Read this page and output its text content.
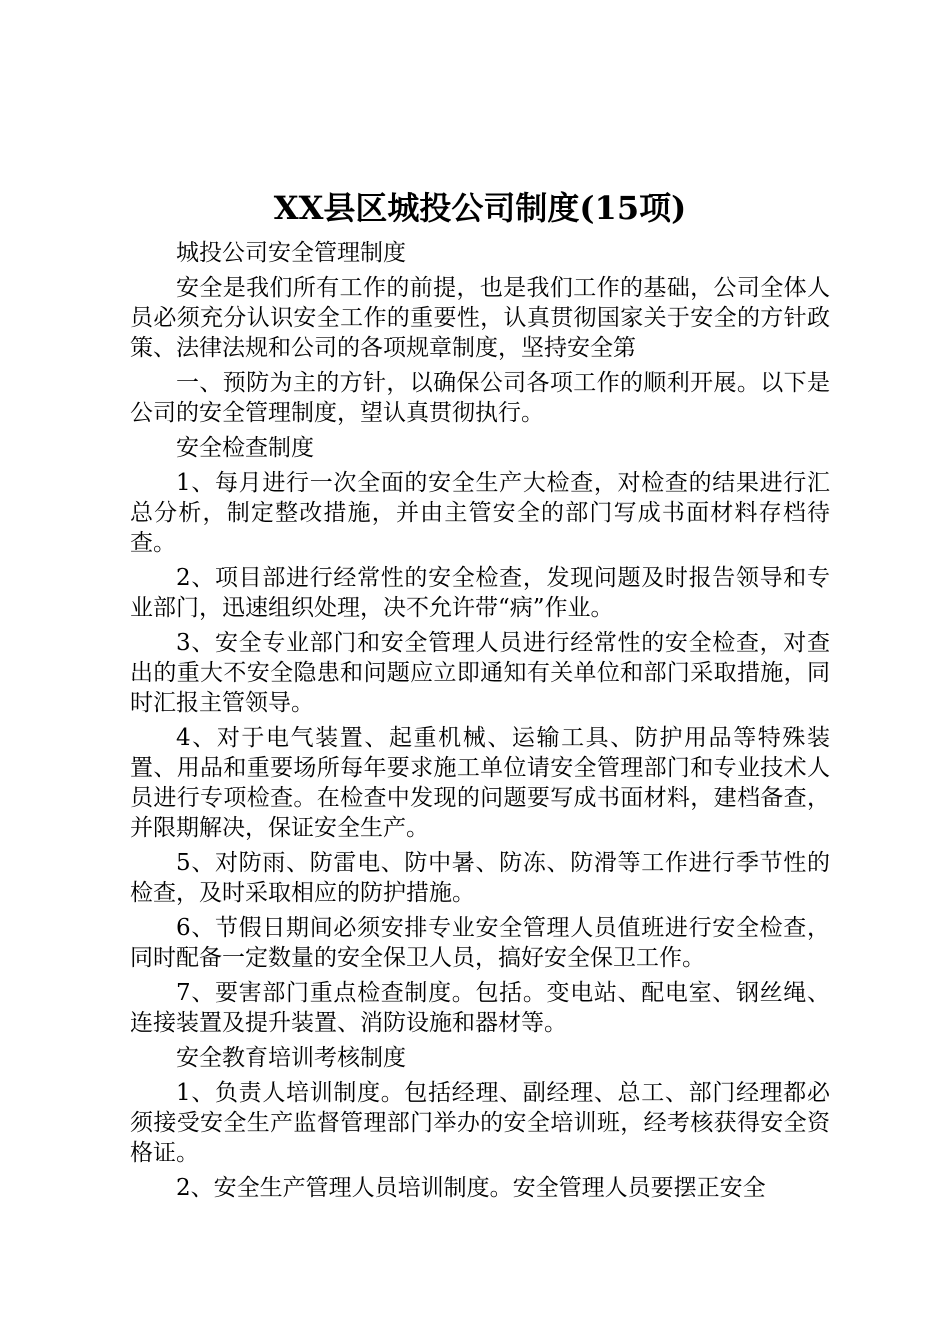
XX县区城投公司制度(15项)

城投公司安全管理制度

安全是我们所有工作的前提，也是我们工作的基础，公司全体人员必须充分认识安全工作的重要性，认真贯彻国家关于安全的方针政策、法律法规和公司的各项规章制度，坚持安全第

一、预防为主的方针，以确保公司各项工作的顺利开展。以下是公司的安全管理制度，望认真贯彻执行。

安全检查制度

1、每月进行一次全面的安全生产大检查，对检查的结果进行汇总分析，制定整改措施，并由主管安全的部门写成书面材料存档待查。

2、项目部进行经常性的安全检查，发现问题及时报告领导和专业部门，迅速组织处理，决不允许带“病”作业。

3、安全专业部门和安全管理人员进行经常性的安全检查，对查出的重大不安全隐患和问题应立即通知有关单位和部门采取措施，同时汇报主管领导。

4、对于电气装置、起重机械、运输工具、防护用品等特殊装置、用品和重要场所每年要求施工单位请安全管理部门和专业技术人员进行专项检查。在检查中发现的问题要写成书面材料，建档备查，并限期解决，保证安全生产。

5、对防雨、防雷电、防中暑、防冻、防滑等工作进行季节性的检查，及时采取相应的防护措施。

6、节假日期间必须安排专业安全管理人员值班进行安全检查，同时配备一定数量的安全保卫人员，搞好安全保卫工作。

7、要害部门重点检查制度。包括。变电站、配电室、钢丝绳、连接装置及提升装置、消防设施和器材等。

安全教育培训考核制度

1、负责人培训制度。包括经理、副经理、总工、部门经理都必须接受安全生产监督管理部门举办的安全培训班，经考核获得安全资格证。

2、安全生产管理人员培训制度。安全管理人员要摆正安全
